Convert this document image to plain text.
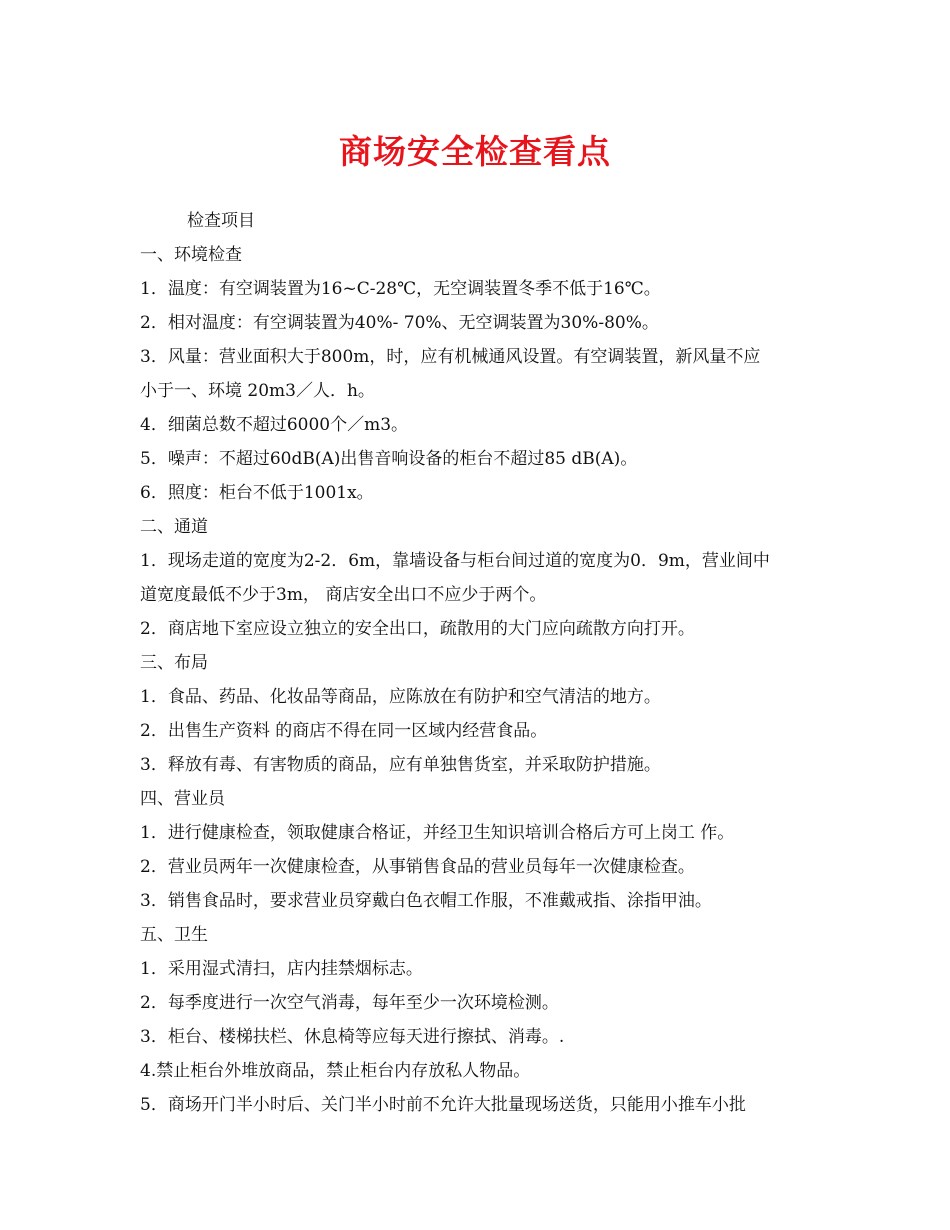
商场安全检查看点
检查项目
一、环境检查
1．温度：有空调装置为16~C-28℃，无空调装置冬季不低于16℃。
2．相对温度：有空调装置为40%- 70%、无空调装置为30%-80%。
3．风量：营业面积大于800m，时，应有机械通风设置。有空调装置，新风量不应
小于一、环境 20m3／人．h。
4．细菌总数不超过6000个／m3。
5．噪声：不超过60dB(A)出售音响设备的柜台不超过85 dB(A)。
6．照度：柜台不低于1001x。
二、通道
1．现场走道的宽度为2-2．6m，靠墙设备与柜台间过道的宽度为0．9m，营业间中
道宽度最低不少于3m， 商店安全出口不应少于两个。
2．商店地下室应设立独立的安全出口，疏散用的大门应向疏散方向打开。
三、布局
1．食品、药品、化妆品等商品，应陈放在有防护和空气清洁的地方。
2．出售生产资料 的商店不得在同一区域内经营食品。
3．释放有毒、有害物质的商品，应有单独售货室，并采取防护措施。
四、营业员
1．进行健康检查，领取健康合格证，并经卫生知识培训合格后方可上岗工 作。
2．营业员两年一次健康检查，从事销售食品的营业员每年一次健康检查。
3．销售食品时，要求营业员穿戴白色衣帽工作服，不准戴戒指、涂指甲油。
五、卫生
1．采用湿式清扫，店内挂禁烟标志。
2．每季度进行一次空气消毒，每年至少一次环境检测。
3．柜台、楼梯扶栏、休息椅等应每天进行擦拭、消毒。.
4.禁止柜台外堆放商品，禁止柜台内存放私人物品。
5．商场开门半小时后、关门半小时前不允许大批量现场送货，只能用小推车小批
